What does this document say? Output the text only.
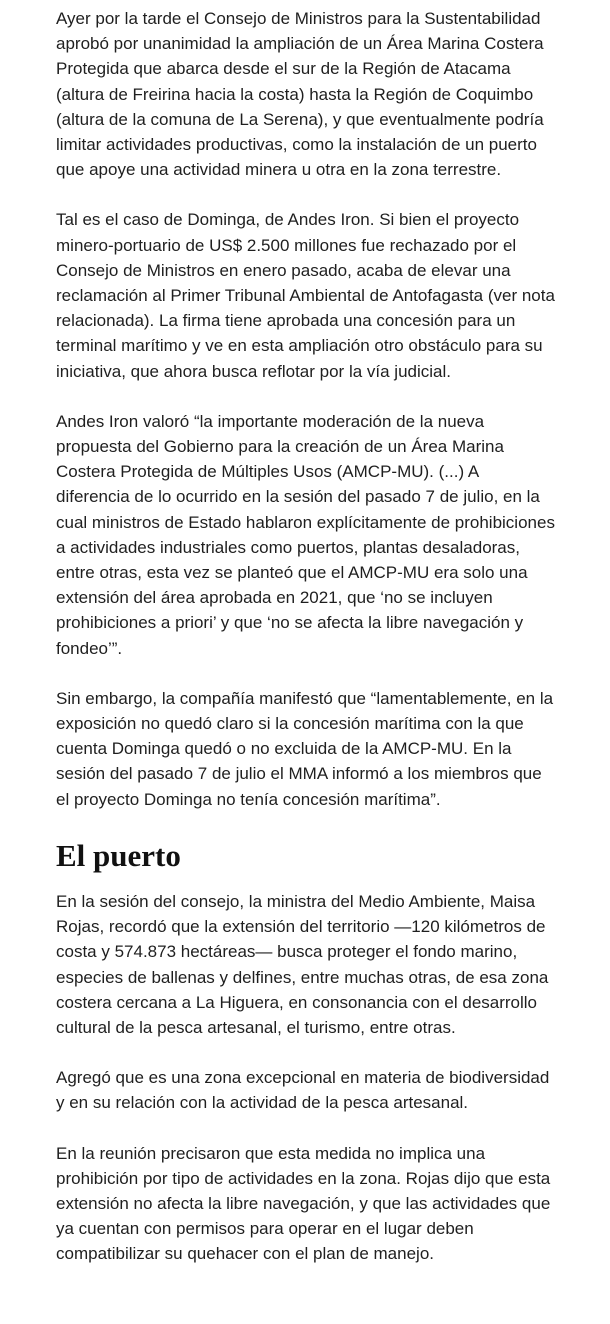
Ayer por la tarde el Consejo de Ministros para la Sustentabilidad aprobó por unanimidad la ampliación de un Área Marina Costera Protegida que abarca desde el sur de la Región de Atacama (altura de Freirina hacia la costa) hasta la Región de Coquimbo (altura de la comuna de La Serena), y que eventualmente podría limitar actividades productivas, como la instalación de un puerto que apoye una actividad minera u otra en la zona terrestre.

Tal es el caso de Dominga, de Andes Iron. Si bien el proyecto minero-portuario de US$ 2.500 millones fue rechazado por el Consejo de Ministros en enero pasado, acaba de elevar una reclamación al Primer Tribunal Ambiental de Antofagasta (ver nota relacionada). La firma tiene aprobada una concesión para un terminal marítimo y ve en esta ampliación otro obstáculo para su iniciativa, que ahora busca reflotar por la vía judicial.

Andes Iron valoró “la importante moderación de la nueva propuesta del Gobierno para la creación de un Área Marina Costera Protegida de Múltiples Usos (AMCP-MU). (...) A diferencia de lo ocurrido en la sesión del pasado 7 de julio, en la cual ministros de Estado hablaron explícitamente de prohibiciones a actividades industriales como puertos, plantas desaladoras, entre otras, esta vez se planteó que el AMCP-MU era solo una extensión del área aprobada en 2021, que ‘no se incluyen prohibiciones a priori’ y que ‘no se afecta la libre navegación y fondeo’”.

Sin embargo, la compañía manifestó que “lamentablemente, en la exposición no quedó claro si la concesión marítima con la que cuenta Dominga quedó o no excluida de la AMCP-MU. En la sesión del pasado 7 de julio el MMA informó a los miembros que el proyecto Dominga no tenía concesión marítima”.

El puerto

En la sesión del consejo, la ministra del Medio Ambiente, Maisa Rojas, recordó que la extensión del territorio —120 kilómetros de costa y 574.873 hectáreas— busca proteger el fondo marino, especies de ballenas y delfines, entre muchas otras, de esa zona costera cercana a La Higuera, en consonancia con el desarrollo cultural de la pesca artesanal, el turismo, entre otras.

Agregó que es una zona excepcional en materia de biodiversidad y en su relación con la actividad de la pesca artesanal.

En la reunión precisaron que esta medida no implica una prohibición por tipo de actividades en la zona. Rojas dijo que esta extensión no afecta la libre navegación, y que las actividades que ya cuentan con permisos para operar en el lugar deben compatibilizar su quehacer con el plan de manejo.
